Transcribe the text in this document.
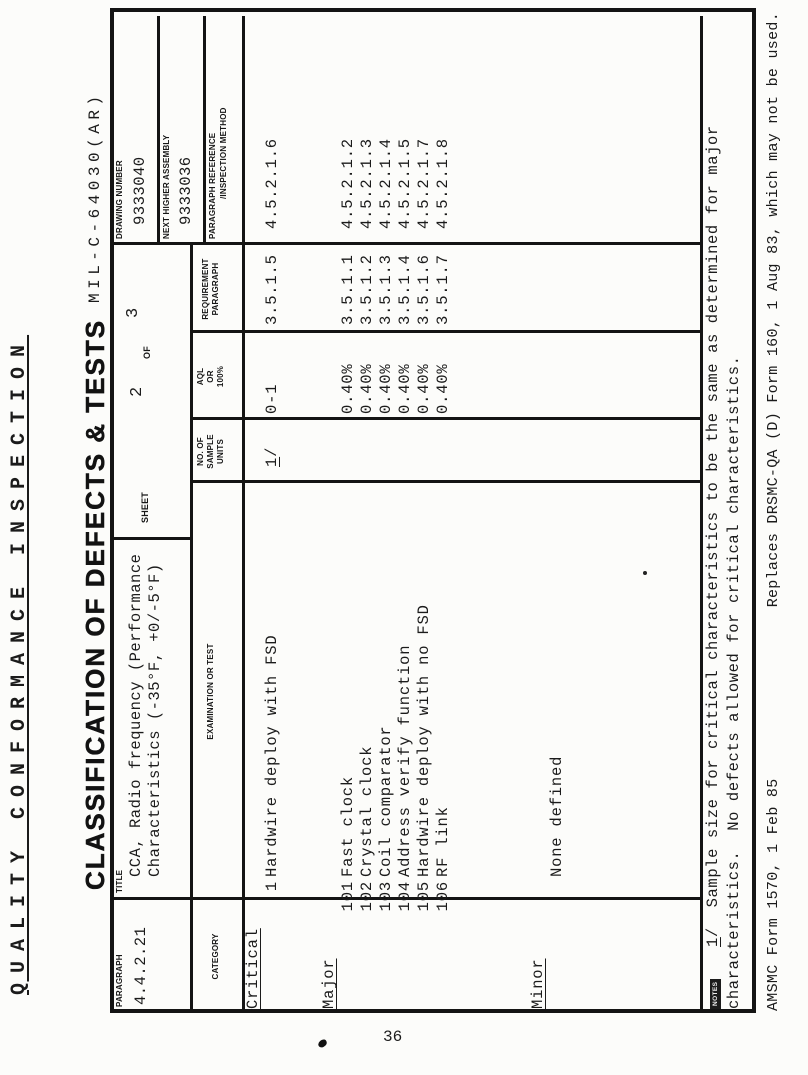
QUALITY CONFORMANCE INSPECTION CLASSIFICATION OF DEFECTS & TESTS
MIL-C-64030(AR)
PARAGRAPH 4.4.2.21
TITLE
CCA, Radio frequency (Performance Characteristics (-35°F, +0/-5°F)
SHEET
2
OF
3
DRAWING NUMBER 9333040 NEXT HIGHER ASSEMBLY 9333036
CATEGORY
EXAMINATION OR TEST
NO. OF SAMPLE UNITS
AQL OR 100%
REQUIREMENT PARAGRAPH
PARAGRAPH REFERENCE /INSPECTION METHOD
Critical
1
Hardwire deploy with FSD
1/
0-1
3.5.1.5
4.5.2.1.6
Major
101
Fast clock
0.40%
3.5.1.1
4.5.2.1.2
102
Crystal clock
0.40%
3.5.1.2
4.5.2.1.3
103
Coil comparator
0.40%
3.5.1.3
4.5.2.1.4
104
Address verify function
0.40%
3.5.1.4
4.5.2.1.5
105
Hardwire deploy with no FSD
0.40%
3.5.1.6
4.5.2.1.7
106
RF link
0.40%
3.5.1.7
4.5.2.1.8
Minor
None defined
NOTES
1/  Sample size for critical characteristics to be the same as determined for major characteristics.  No defects allowed for critical characteristics. AMSMC Form 1570, 1 Feb 85
Replaces DRSMC-QA (D) Form 160, 1 Aug 83, which may not be used.
36
